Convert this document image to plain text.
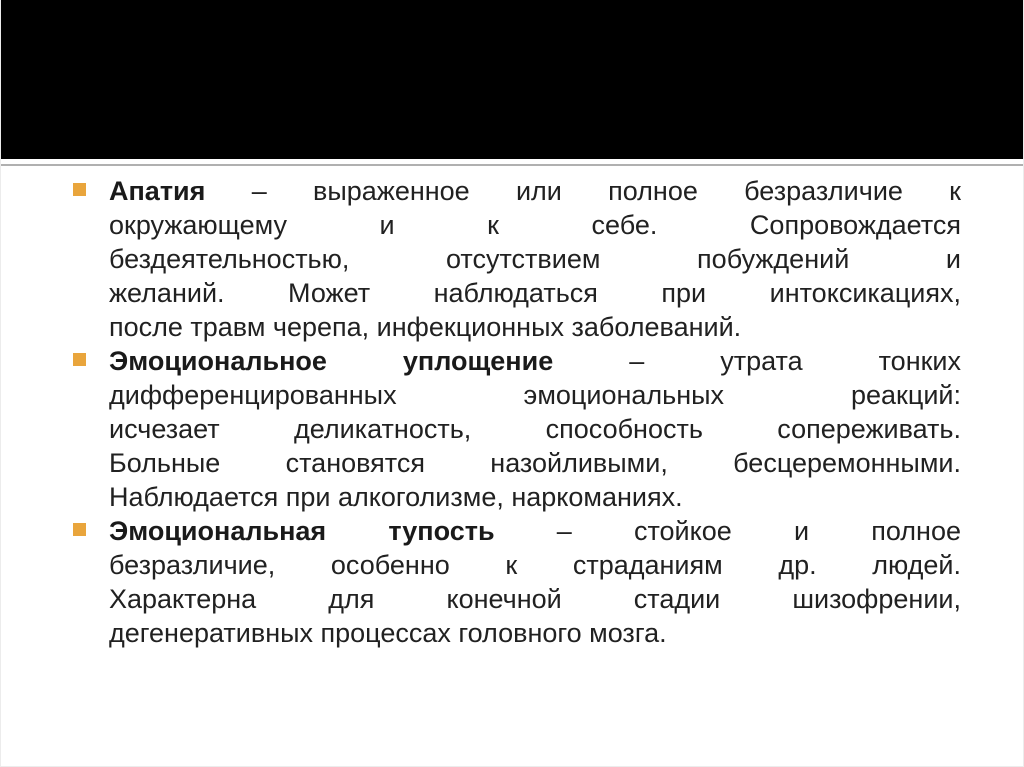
Апатия – выраженное или полное безразличие к
окружающему и к себе. Сопровождается
бездеятельностью, отсутствием побуждений и
желаний. Может наблюдаться при интоксикациях,
после травм черепа, инфекционных заболеваний.
Эмоциональное уплощение	– утрата тонких
дифференцированных эмоциональных реакций:
исчезает деликатность, способность сопереживать.
Больные становятся назойливыми, бесцеремонными.
Наблюдается при алкоголизме, наркоманиях.
Эмоциональная тупость – стойкое и полное
безразличие, особенно к страданиям др. людей.
Характерна для конечной стадии шизофрении,
дегенеративных процессах головного мозга.
